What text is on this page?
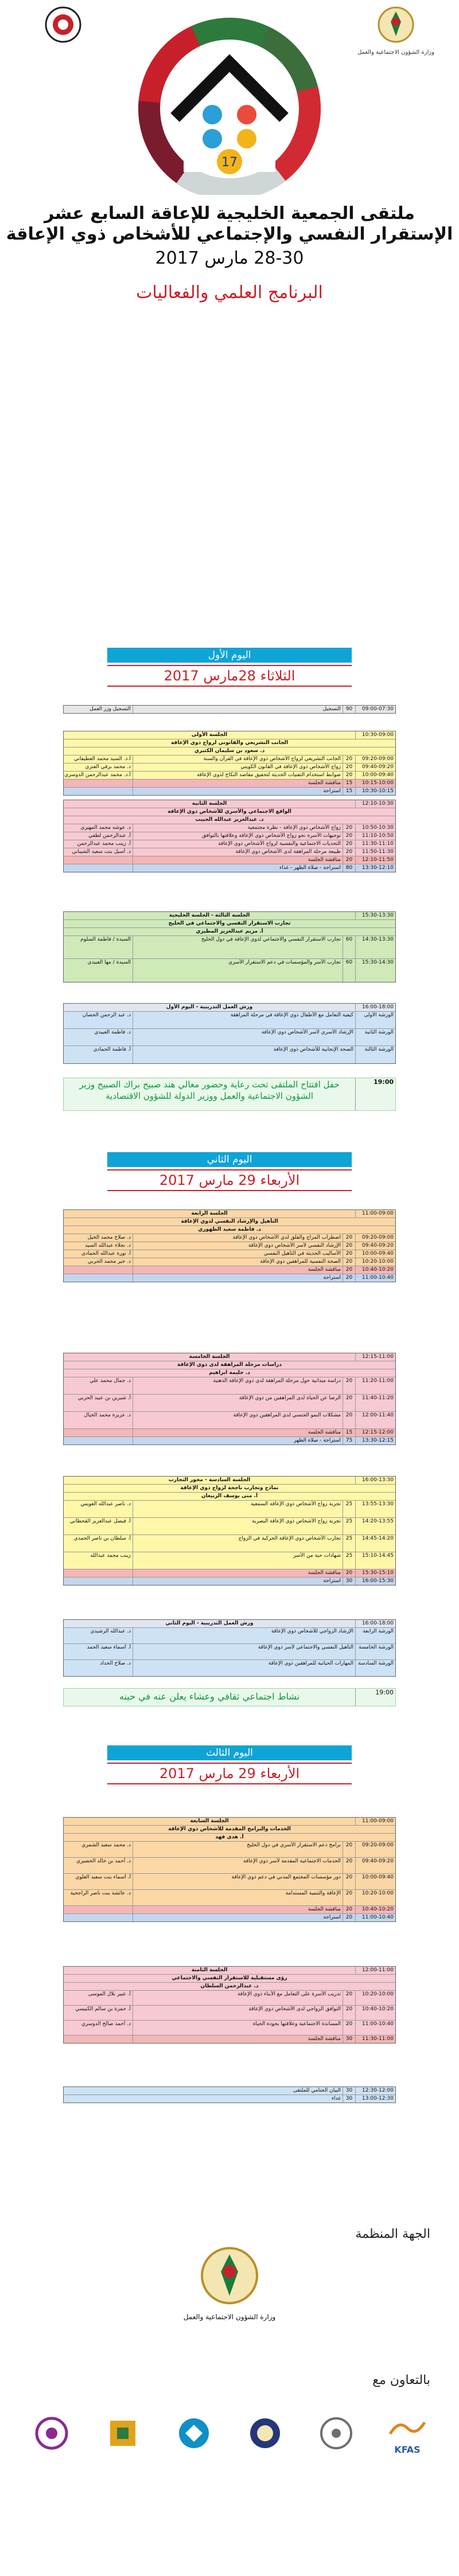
وزارة الشؤون الاجتماعية والعمل
17
ملتقى الجمعية الخليجية للإعاقة السابع عشر
الإستقرار النفسي والإجتماعي للأشخاص ذوي الإعاقة
28-30 مارس 2017
البرنامج العلمي والفعاليات
اليوم الأول
الثلاثاء 28مارس 2017
09:00-07:30
90
التسجيل
التسجيل وزر العمل
10:30-09:00
الجلسة الأولى
الجانب التشريعي والقانوني لزواج ذوي الإعاقة
د. سعود بن سليمان الكثيري
09:20-09:00
20
الجانب التشريعي لزواج الأشخاص ذوي الإعاقة في القرآن والسنة
أ.د. السيد محمد العطيفاني
09:40-09:20
20
زواج الأشخاص ذوي الإعاقة في القانون الكويتي
د. محمد برقي العنزي
10:00-09:40
20
ضوابط استخدام التقنيات الحديثة لتحقيق مقاصد النكاح لذوي الإعاقة
أ.د. محمد عبدالرحمن الدوسري
10:15-10:00
15
مناقشة الجلسة
10:30-10:15
15
استراحة
12:10-10:30
الجلسة الثانية
الواقع الاجتماعي والأسري للأشخاص ذوي الإعاقة
د. عبدالعزيز عبدالله الحبيب
10:50-10:30
20
زواج الأشخاص ذوي الإعاقة - نظرة مجتمعية
د. عوشه محمد المهيري
11:10-10:50
20
توجيهات الأسرة نحو زواج الأشخاص ذوي الإعاقة وعلاقتها بالتوافق
أ. عبدالرحمن لطفي
11:30-11:10
20
التحديات الاجتماعية والنفسية لزواج الأشخاص ذوي الإعاقة
أ. زينب محمد عبدالرحمن
11:50-11:30
20
طبيعة مرحلة المراهقة لدى الأشخاص ذوي الإعاقة
د. أسيل بنت سعيد الشيباني
12:10-11:50
20
مناقشة الجلسة
13:30-12:10
80
استراحة - صلاة الظهر - غداء
15:30-13:30
الجلسة الثالثة - الجلسة الخليجية
تجارب الاستقرار النفسي والاجتماعي في الخليج
أ. مريم عبدالعزيز المطيري
14:30-13:30
60
تجارب الاستقرار النفسي والاجتماعي لذوي الإعاقة في دول الخليج
السيدة / فاطمة السلوم
15:30-14:30
60
تجارب الأسر والمؤسسات في دعم الاستقرار الأسري
السيدة / مها العبيدي
16:00-18:00
ورش العمل التدريبية - اليوم الأول
الورشة الأولى
كيفية التعامل مع الأطفال ذوي الإعاقة في مرحلة المراهقة
د. عبد الرحمن الحصان
الورشة الثانية
الإرشاد الأسري لأسر الأشخاص ذوي الإعاقة
د. فاطمة العبيدي
الورشة الثالثة
الصحة الإنجابية للأشخاص ذوي الإعاقة
أ. فاطمة الحمادي
19:00
حفل افتتاح الملتقى تحت رعاية وحضور معالي هند صبيح براك الصبيح وزير الشؤون الاجتماعية والعمل ووزير الدولة للشؤون الاقتصادية
اليوم الثاني
الأربعاء 29 مارس 2017
11:00-09:00
الجلسة الرابعة
التأهيل والإرشاد النفسي لذوي الإعاقة
د. فاطمة سعيد الظهوري
09:20-09:00
20
اضطراب المزاج والقلق لدى الأشخاص ذوي الإعاقة
د. صلاح محمد الخيل
09:40-09:20
20
الإرشاد النفسي لأسر الأشخاص ذوي الإعاقة
د. نجلاء عبدالله السيد
10:00-09:40
20
الأساليب الحديثة في التأهيل النفسي
أ. نورة عبدالله الحمادي
10:20-10:00
20
الصحة النفسية للمراهقين ذوي الإعاقة
د. خير محمد الحربي
10:40-10:20
20
مناقشة الجلسة
11:00-10:40
20
استراحة
12:15-11:00
الجلسة الخامسة
دراسات مرحلة المراهقة لدى ذوي الإعاقة
د. حليمة ابراهيم
11:20-11:00
20
دراسة ميدانية حول مرحلة المراهقة لدى ذوي الإعاقة الذهنية
د. جمال محمد علي
11:40-11:20
20
الرضا عن الحياة لدى المراهقين من ذوي الإعاقة
أ. شيرين بن عبيد الحربي
12:00-11:40
20
مشكلات النمو الجنسي لدى المراهقين ذوي الإعاقة
د. عزيزة محمد الخيال
12:15-12:00
15
مناقشة الجلسة
13:30-12:15
75
استراحة - صلاة الظهر
16:00-13:30
الجلسة السادسة - محور التجارب
نماذج وتجارب ناجحة لزواج ذوي الإعاقة
أ. منى يوسف الربيعان
13:55-13:30
25
تجربة زواج الأشخاص ذوي الإعاقة السمعية
د. ناصر عبدالله العويس
14:20-13:55
25
تجربة زواج الأشخاص ذوي الإعاقة البصرية
أ. فيصل عبدالعزيز القحطاني
14:45-14:20
25
تجارب الأشخاص ذوي الإعاقة الحركية في الزواج
أ. سلطان بن ناصر الحمدي
15:10-14:45
25
شهادات حية من الأسر
زينب محمد عبدالله
15:30-15:10
20
مناقشة الجلسة
16:00-15:30
30
استراحة
16:00-18:00
ورش العمل التدريبية - اليوم الثاني
الورشة الرابعة
الإرشاد الزواجي للأشخاص ذوي الإعاقة
د. عبدالله الرشيدي
الورشة الخامسة
التأهيل النفسي والاجتماعي لأسر ذوي الإعاقة
أ. أسماء سعيد الحمد
الورشة السادسة
المهارات الحياتية للمراهقين ذوي الإعاقة
د. صلاح الحداد
19:00
نشاط اجتماعي ثقافي وعشاء يعلن عنه في حينه
اليوم الثالث
الأربعاء 29 مارس 2017
11:00-09:00
الجلسة السابعة
الخدمات والبرامج المقدمة للأشخاص ذوي الإعاقة
أ. هدى فهد
09:20-09:00
20
برامج دعم الاستقرار الأسري في دول الخليج
د. محمد سعيد الشمري
09:40-09:20
20
الخدمات الاجتماعية المقدمة لأسر ذوي الإعاقة
د. أحمد بن خالد الخضيري
10:00-09:40
20
دور مؤسسات المجتمع المدني في دعم ذوي الإعاقة
أ. أسماء بنت سعيد العلوي
10:20-10:00
20
الإعاقة والتنمية المستدامة
د. عائشة بنت ناصر الراجحية
10:40-10:20
20
مناقشة الجلسة
11:00-10:40
20
استراحة
12:00-11:00
الجلسة الثامنة
رؤى مستقبلية للاستقرار النفسي والاجتماعي
د. عبدالرحمن السلطان
10:20-10:00
20
تدريب الأسرة على التعامل مع الأبناء ذوي الإعاقة
أ. عبير بلال الموسى
10:40-10:20
20
التوافق الزواجي لدى الأشخاص ذوي الإعاقة
أ. حمزة بن سالم الكبيسي
11:00-10:40
20
المساندة الاجتماعية وعلاقتها بجودة الحياة
د. أحمد صالح الدوسري
11:30-11:00
30
مناقشة الجلسة
12:30-12:00
30
البيان الختامي للملتقى
13:00-12:30
30
غداء
الجهة المنظمة
وزارة الشؤون الاجتماعية والعمل
بالتعاون مع
KFAS
